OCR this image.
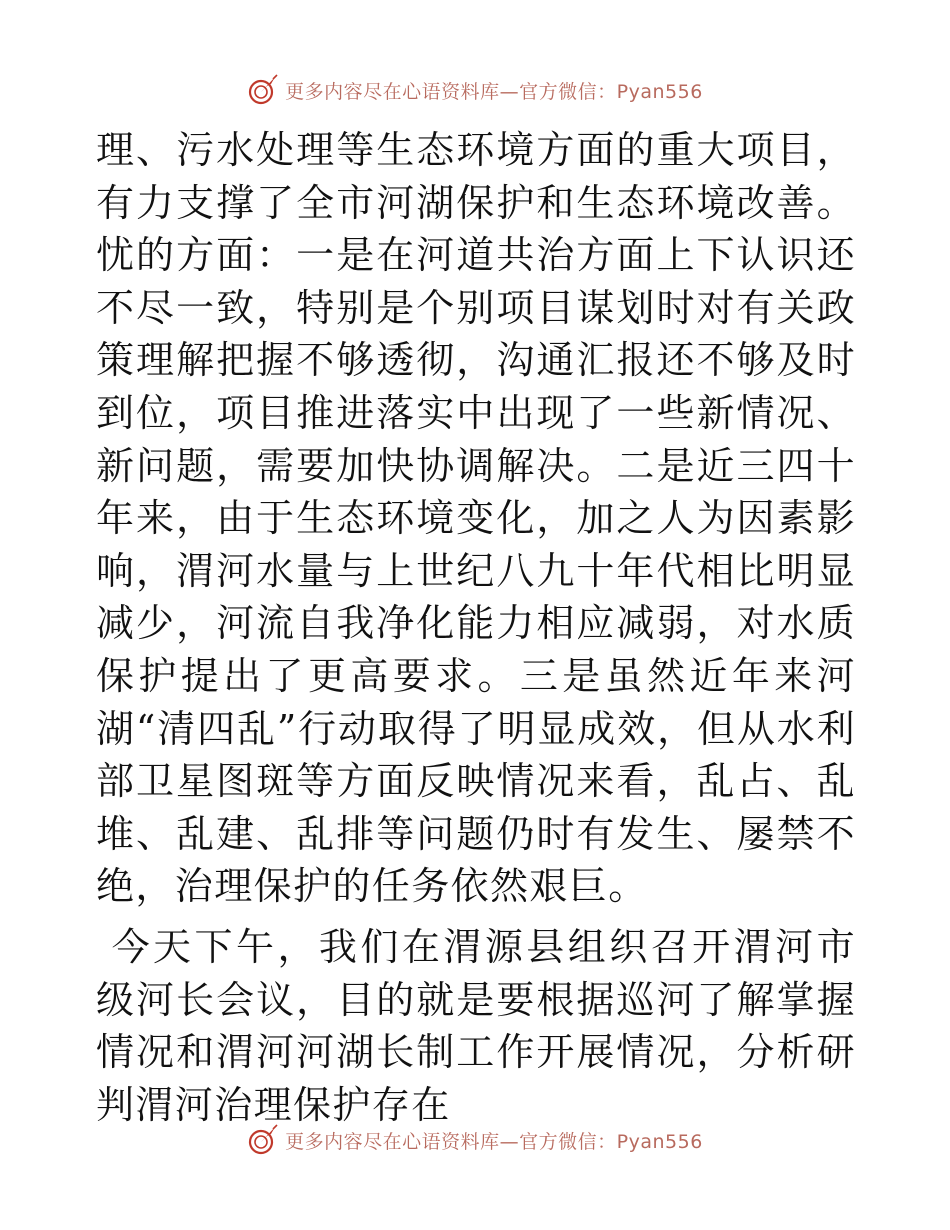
更多内容尽在心语资料库—官方微信：Pyan556

理、污水处理等生态环境方面的重大项目，有力支撑了全市河湖保护和生态环境改善。忧的方面：一是在河道共治方面上下认识还不尽一致，特别是个别项目谋划时对有关政策理解把握不够透彻，沟通汇报还不够及时到位，项目推进落实中出现了一些新情况、新问题，需要加快协调解决。二是近三四十年来，由于生态环境变化，加之人为因素影响，渭河水量与上世纪八九十年代相比明显减少，河流自我净化能力相应减弱，对水质保护提出了更高要求。三是虽然近年来河湖“清四乱”行动取得了明显成效，但从水利部卫星图斑等方面反映情况来看，乱占、乱堆、乱建、乱排等问题仍时有发生、屡禁不绝，治理保护的任务依然艰巨。

今天下午，我们在渭源县组织召开渭河市级河长会议，目的就是要根据巡河了解掌握情况和渭河河湖长制工作开展情况，分析研判渭河治理保护存在

更多内容尽在心语资料库—官方微信：Pyan556
